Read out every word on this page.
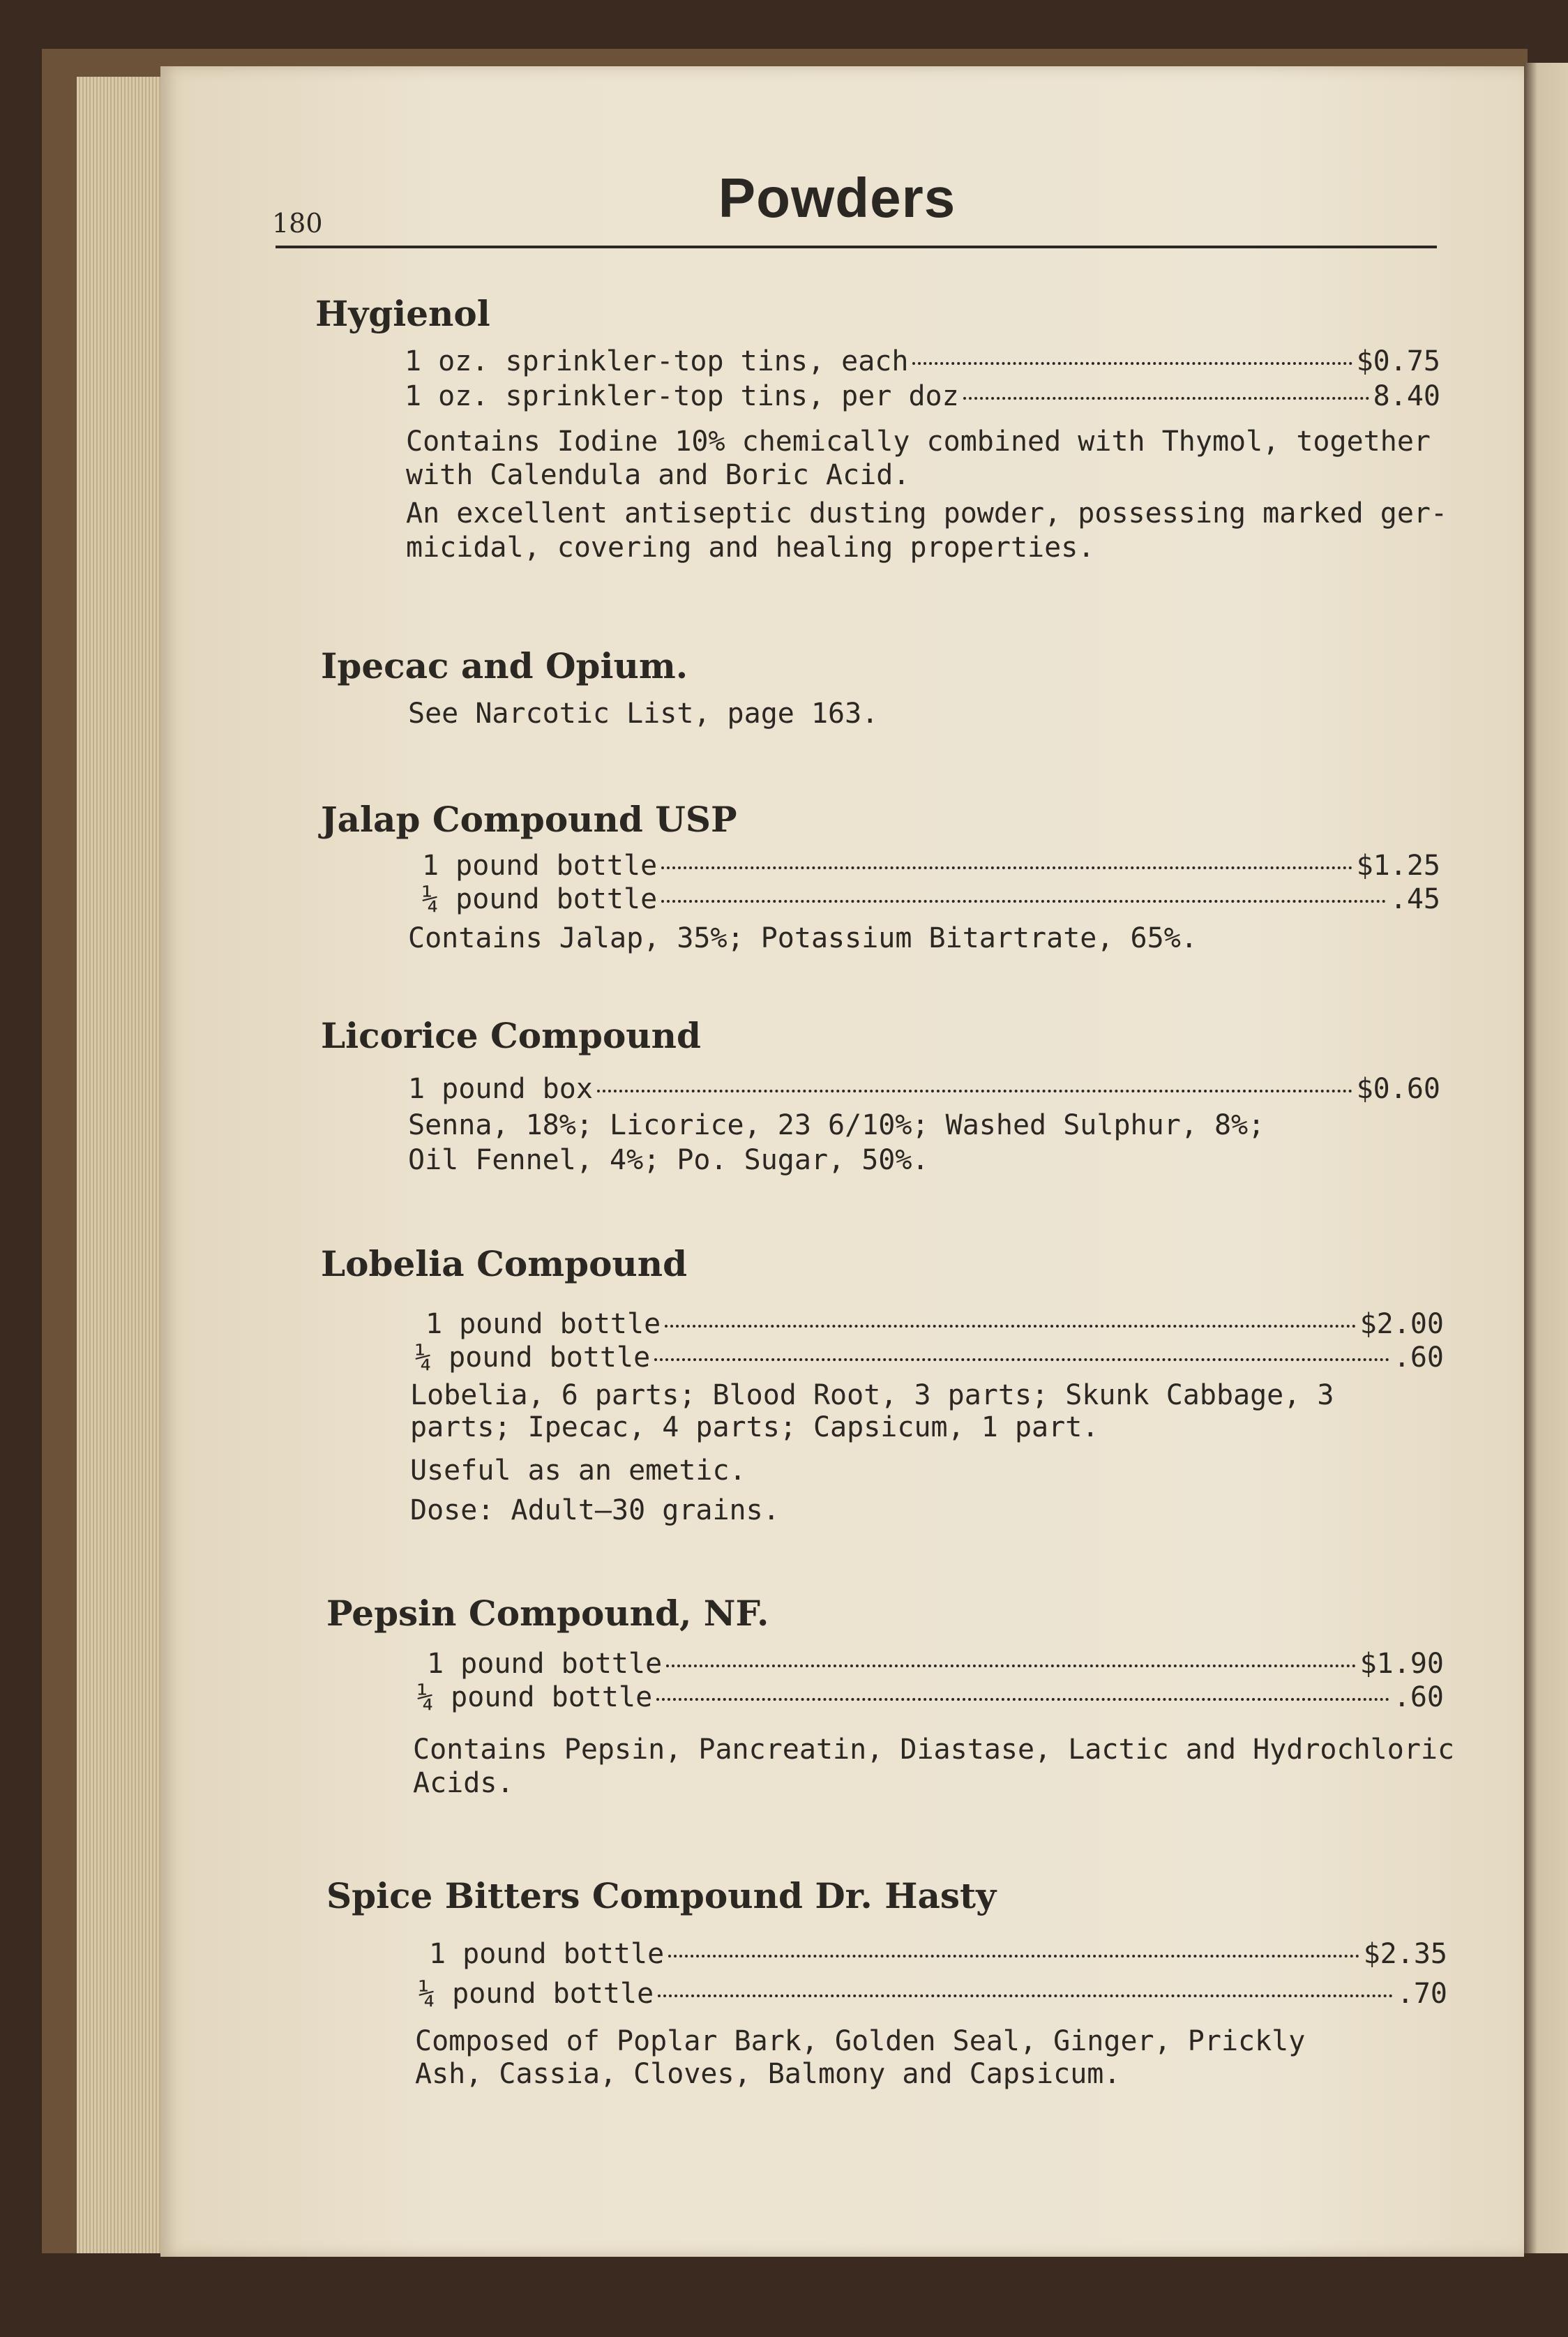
180	Powders
Hygienol
1 oz. sprinkler-top tins, each	$0.75
1 oz. sprinkler-top tins, per doz	8.40
Contains Iodine 10% chemically combined with Thymol, together
with Calendula and Boric Acid.
An excellent antiseptic dusting powder, possessing marked ger-
micidal, covering and healing properties.
Ipecac and Opium.
See Narcotic List, page 163.
Jalap Compound USP
1 pound bottle	$1.25
¼ pound bottle	.45
Contains Jalap, 35%; Potassium Bitartrate, 65%.
Licorice Compound
1 pound box	$0.60
Senna, 18%; Licorice, 23 6/10%; Washed Sulphur, 8%;
Oil Fennel, 4%; Po. Sugar, 50%.
Lobelia Compound
1 pound bottle	$2.00
¼ pound bottle	.60
Lobelia, 6 parts; Blood Root, 3 parts; Skunk Cabbage, 3
parts; Ipecac, 4 parts; Capsicum, 1 part.
Useful as an emetic.
Dose: Adult—30 grains.
Pepsin Compound, NF.
1 pound bottle	$1.90
¼ pound bottle	.60
Contains Pepsin, Pancreatin, Diastase, Lactic and Hydrochloric
Acids.
Spice Bitters Compound Dr. Hasty
1 pound bottle	$2.35
¼ pound bottle	.70
Composed of Poplar Bark, Golden Seal, Ginger, Prickly
Ash, Cassia, Cloves, Balmony and Capsicum.
